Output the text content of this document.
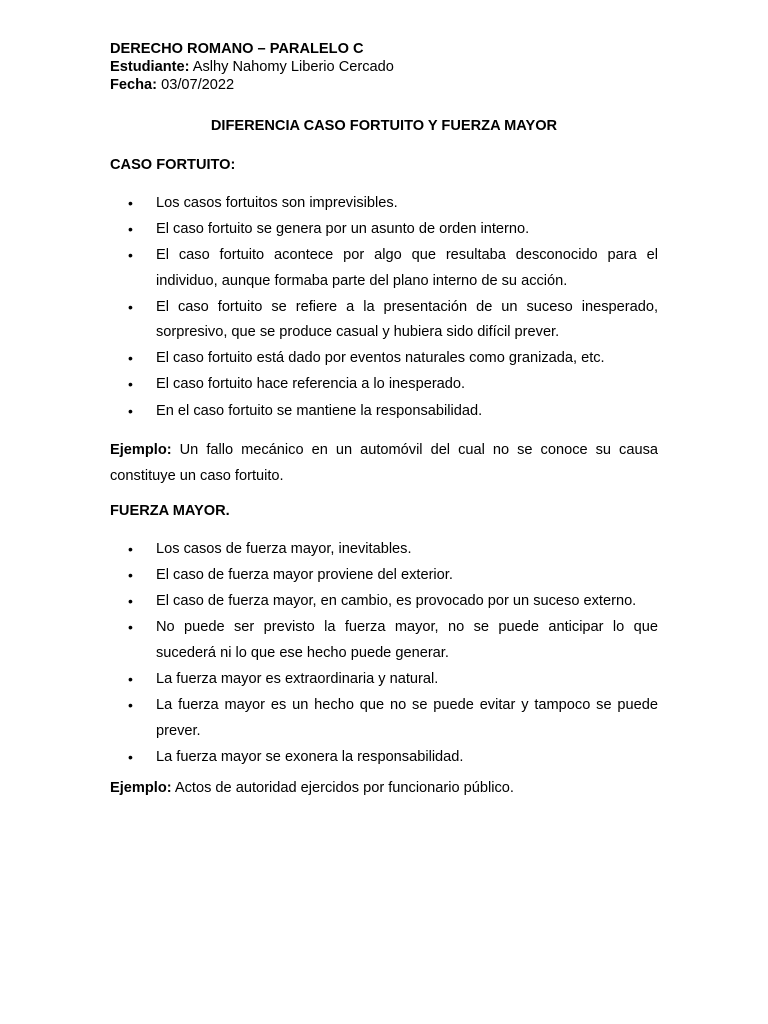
DERECHO ROMANO – PARALELO C

Estudiante: Aslhy Nahomy Liberio Cercado

Fecha: 03/07/2022

DIFERENCIA CASO FORTUITO Y FUERZA MAYOR
CASO FORTUITO:
• Los casos fortuitos son imprevisibles.
• El caso fortuito se genera por un asunto de orden interno.
• El caso fortuito acontece por algo que resultaba desconocido para el individuo, aunque formaba parte del plano interno de su acción.
• El caso fortuito se refiere a la presentación de un suceso inesperado, sorpresivo, que se produce casual y hubiera sido difícil prever.
• El caso fortuito está dado por eventos naturales como granizada, etc.
• El caso fortuito hace referencia a lo inesperado.
• En el caso fortuito se mantiene la responsabilidad.
Ejemplo: Un fallo mecánico en un automóvil del cual no se conoce su causa constituye un caso fortuito.
FUERZA MAYOR.
• Los casos de fuerza mayor, inevitables.
• El caso de fuerza mayor proviene del exterior.
• El caso de fuerza mayor, en cambio, es provocado por un suceso externo.
• No puede ser previsto la fuerza mayor, no se puede anticipar lo que sucederá ni lo que ese hecho puede generar.
• La fuerza mayor es extraordinaria y natural.
• La fuerza mayor es un hecho que no se puede evitar y tampoco se puede prever.
• La fuerza mayor se exonera la responsabilidad.
Ejemplo: Actos de autoridad ejercidos por funcionario público.
